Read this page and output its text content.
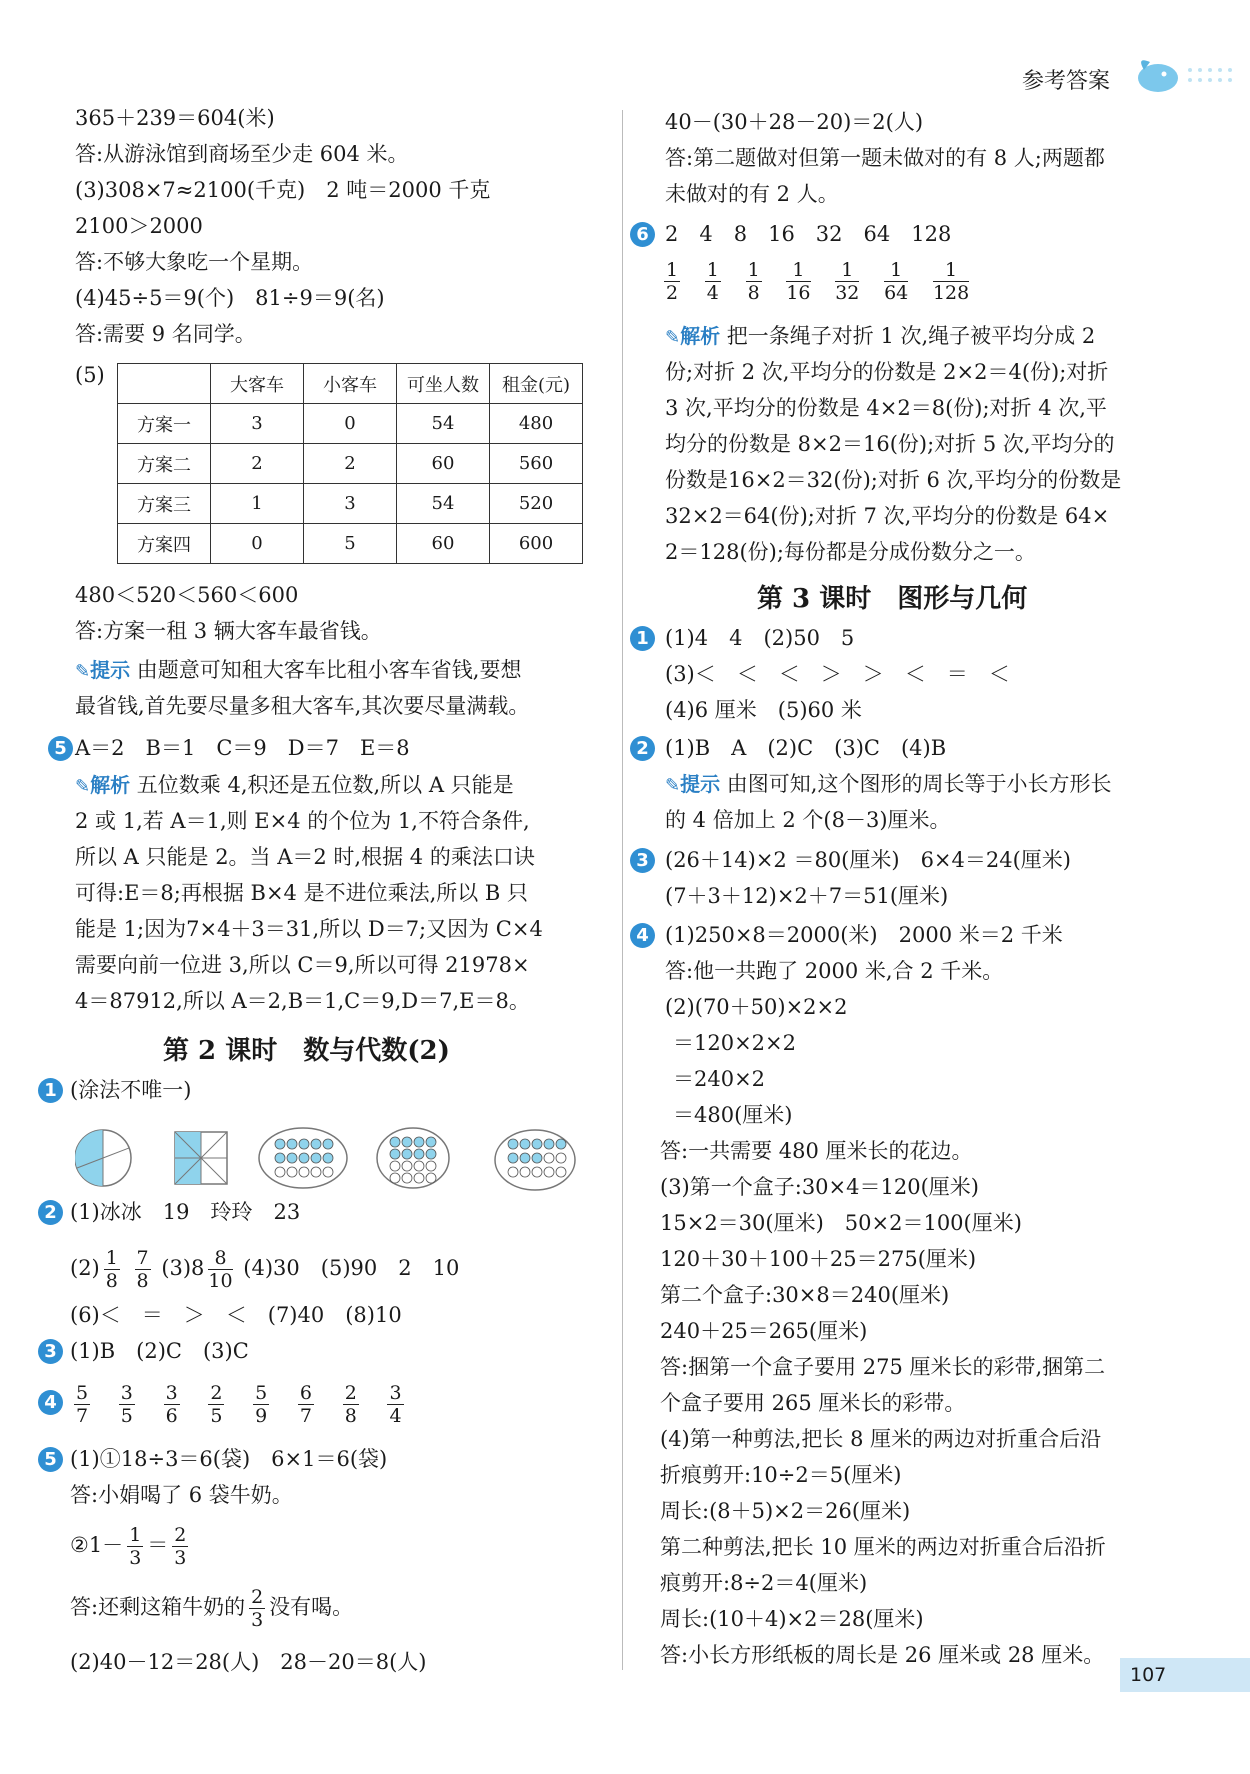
参考答案
365＋239＝604(米)
答:从游泳馆到商场至少走 604 米。
(3)308×7≈2100(千克)　2 吨＝2000 千克
2100＞2000
答:不够大象吃一个星期。
(4)45÷5＝9(个)　81÷9＝9(名)
答:需要 9 名同学。
(5)
		大客车	小客车	可坐人数	租金(元)
方案一	3	0	54	480
方案二	2	2	60	560
方案三	1	3	54	520
方案四	0	5	60	600
480＜520＜560＜600
答:方案一租 3 辆大客车最省钱。
✎提示 由题意可知租大客车比租小客车省钱,要想
最省钱,首先要尽量多租大客车,其次要尽量满载。
5 A＝2　B＝1　C＝9　D＝7　E＝8
✎解析 五位数乘 4,积还是五位数,所以 A 只能是
2 或 1,若 A＝1,则 E×4 的个位为 1,不符合条件,
所以 A 只能是 2。当 A＝2 时,根据 4 的乘法口诀
可得:E＝8;再根据 B×4 是不进位乘法,所以 B 只
能是 1;因为7×4＋3＝31,所以 D＝7;又因为 C×4
需要向前一位进 3,所以 C＝9,所以可得 21978×
4＝87912,所以 A＝2,B＝1,C＝9,D＝7,E＝8。
第 2 课时　数与代数(2)
1 (涂法不唯一)
2 (1)冰冰　19　玲玲　23
$(2) \frac{1}{8}$
$\frac{7}{8} (3)8 \frac{8}{10} (4)30$　(5)90　2　10
(6)＜　＝　＞　＜　(7)40　(8)10
3 (1)B　(2)C　(3)C
$4 \frac{5}{7}$
$\frac{3}{5}$
$\frac{3}{6}$
$\frac{2}{5}$
$\frac{5}{9}$
$\frac{6}{7}$
$\frac{2}{8}$
$\frac{3}{4}$
5 (1)①18÷3＝6(袋)　6×1＝6(袋)
答:小娟喝了 6 袋牛奶。
②1－ $\frac{1}{3} = \frac{2}{3}$
答:还剩这箱牛奶的 $\frac{2}{3}$ 没有喝。
(2)40－12＝28(人)　28－20＝8(人)
40－(30＋28－20)＝2(人)
答:第二题做对但第一题未做对的有 8 人;两题都
未做对的有 2 人。
6 2　4　8　16　32　64　128
$\frac{1}{2}$
$\frac{1}{4}$
$\frac{1}{8}$
$\frac{1}{16}$
$\frac{1}{32}$
$\frac{1}{64}$
$\frac{1}{128}$
✎解析 把一条绳子对折 1 次,绳子被平均分成 2
份;对折 2 次,平均分的份数是 2×2＝4(份);对折
3 次,平均分的份数是 4×2＝8(份);对折 4 次,平
均分的份数是 8×2＝16(份);对折 5 次,平均分的
份数是16×2＝32(份);对折 6 次,平均分的份数是
32×2＝64(份);对折 7 次,平均分的份数是 64×
2＝128(份);每份都是分成份数分之一。
第 3 课时　图形与几何
1 (1)4　4　(2)50　5
(3)＜　＜　＜　＞　＞　＜　＝　＜
(4)6 厘米　(5)60 米
2 (1)B　A　(2)C　(3)C　(4)B
✎提示 由图可知,这个图形的周长等于小长方形长
的 4 倍加上 2 个(8－3)厘米。
3 (26＋14)×2 ＝80(厘米)　6×4＝24(厘米)
(7＋3＋12)×2＋7＝51(厘米)
4 (1)250×8＝2000(米)　2000 米＝2 千米
答:他一共跑了 2000 米,合 2 千米。
(2)(70＋50)×2×2
＝120×2×2
＝240×2
＝480(厘米)
答:一共需要 480 厘米长的花边。
(3)第一个盒子:30×4＝120(厘米)
15×2＝30(厘米)　50×2＝100(厘米)
120＋30＋100＋25＝275(厘米)
第二个盒子:30×8＝240(厘米)
240＋25＝265(厘米)
答:捆第一个盒子要用 275 厘米长的彩带,捆第二
个盒子要用 265 厘米长的彩带。
(4)第一种剪法,把长 8 厘米的两边对折重合后沿
折痕剪开:10÷2＝5(厘米)
周长:(8＋5)×2＝26(厘米)
第二种剪法,把长 10 厘米的两边对折重合后沿折
痕剪开:8÷2＝4(厘米)
周长:(10＋4)×2＝28(厘米)
答:小长方形纸板的周长是 26 厘米或 28 厘米。
107
